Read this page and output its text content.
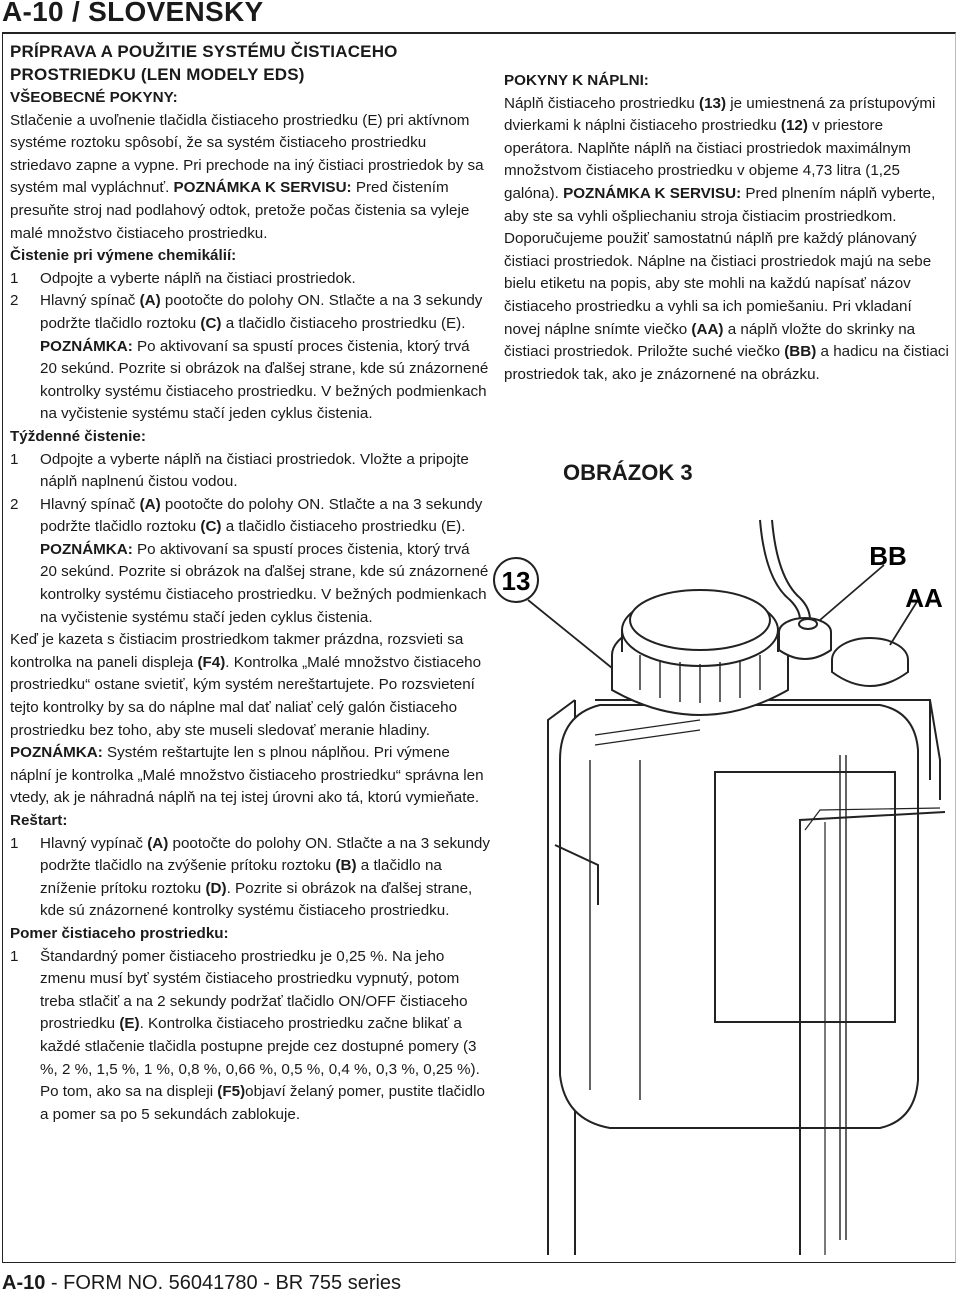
A-10 / SLOVENSKY
PRÍPRAVA A POUŽITIE SYSTÉMU ČISTIACEHO
PROSTRIEDKU (LEN MODELY EDS)
VŠEOBECNÉ POKYNY:

Stlačenie a uvoľnenie tlačidla čistiaceho prostriedku (E) pri aktívnom systéme roztoku spôsobí, že sa systém čistiaceho prostriedku striedavo zapne a vypne. Pri prechode na iný čistiaci prostriedok by sa systém mal vypláchnuť. POZNÁMKA K SERVISU: Pred čistením presuňte stroj nad podlahový odtok, pretože počas čistenia sa vyleje malé množstvo čistiaceho prostriedku.

Čistenie pri výmene chemikálií:
1 Odpojte a vyberte náplň na čistiaci prostriedok.
2 Hlavný spínač (A) pootočte do polohy ON. Stlačte a na 3 sekundy podržte tlačidlo roztoku (C) a tlačidlo čistiaceho prostriedku (E). POZNÁMKA: Po aktivovaní sa spustí proces čistenia, ktorý trvá 20 sekúnd. Pozrite si obrázok na ďalšej strane, kde sú znázornené kontrolky systému čistiaceho prostriedku. V bežných podmienkach na vyčistenie systému stačí jeden cyklus čistenia.
Týždenné čistenie:
1 Odpojte a vyberte náplň na čistiaci prostriedok. Vložte a pripojte náplň naplnenú čistou vodou.
2 Hlavný spínač (A) pootočte do polohy ON. Stlačte a na 3 sekundy podržte tlačidlo roztoku (C) a tlačidlo čistiaceho prostriedku (E). POZNÁMKA: Po aktivovaní sa spustí proces čistenia, ktorý trvá 20 sekúnd. Pozrite si obrázok na ďalšej strane, kde sú znázornené kontrolky systému čistiaceho prostriedku. V bežných podmienkach na vyčistenie systému stačí jeden cyklus čistenia.

Keď je kazeta s čistiacim prostriedkom takmer prázdna, rozsvieti sa kontrolka na paneli displeja (F4). Kontrolka „Malé množstvo čistiaceho prostriedku“ ostane svietiť, kým systém nereštartujete. Po rozsvietení tejto kontrolky by sa do náplne mal dať naliať celý galón čistiaceho prostriedku bez toho, aby ste museli sledovať meranie hladiny. POZNÁMKA: Systém reštartujte len s plnou náplňou. Pri výmene náplní je kontrolka „Malé množstvo čistiaceho prostriedku“ správna len vtedy, ak je náhradná náplň na tej istej úrovni ako tá, ktorú vymieňate.

Reštart:
1 Hlavný vypínač (A) pootočte do polohy ON. Stlačte a na 3 sekundy podržte tlačidlo na zvýšenie prítoku roztoku (B) a tlačidlo na zníženie prítoku roztoku (D). Pozrite si obrázok na ďalšej strane, kde sú znázornené kontrolky systému čistiaceho prostriedku.
Pomer čistiaceho prostriedku:
1 Štandardný pomer čistiaceho prostriedku je 0,25 %. Na jeho zmenu musí byť systém čistiaceho prostriedku vypnutý, potom treba stlačiť a na 2 sekundy podržať tlačidlo ON/OFF čistiaceho prostriedku (E). Kontrolka čistiaceho prostriedku začne blikať a každé stlačenie tlačidla postupne prejde cez dostupné pomery (3 %, 2 %, 1,5 %, 1 %, 0,8 %, 0,66 %, 0,5 %, 0,4 %, 0,3 %, 0,25 %). Po tom, ako sa na displeji (F5)objaví želaný pomer, pustite tlačidlo a pomer sa po 5 sekundách zablokuje.
POKYNY K NÁPLNI:

Náplň čistiaceho prostriedku (13) je umiestnená za prístupovými dvierkami k náplni čistiaceho prostriedku (12) v priestore operátora. Naplňte náplň na čistiaci prostriedok maximálnym množstvom čistiaceho prostriedku v objeme 4,73 litra (1,25 galóna). POZNÁMKA K SERVISU: Pred plnením náplň vyberte, aby ste sa vyhli ošpliechaniu stroja čistiacim prostriedkom. Doporučujeme použiť samostatnú náplň pre každý plánovaný čistiaci prostriedok. Náplne na čistiaci prostriedok majú na sebe bielu etiketu na popis, aby ste mohli na každú napísať názov čistiaceho prostriedku a vyhli sa ich pomiešaniu. Pri vkladaní novej náplne snímte viečko (AA) a náplň vložte do skrinky na čistiaci prostriedok. Priložte suché viečko (BB) a hadicu na čistiaci prostriedok tak, ako je znázornené na obrázku.

OBRÁZOK 3
13
BB
AA
A-10 - FORM NO. 56041780 - BR 755 series
